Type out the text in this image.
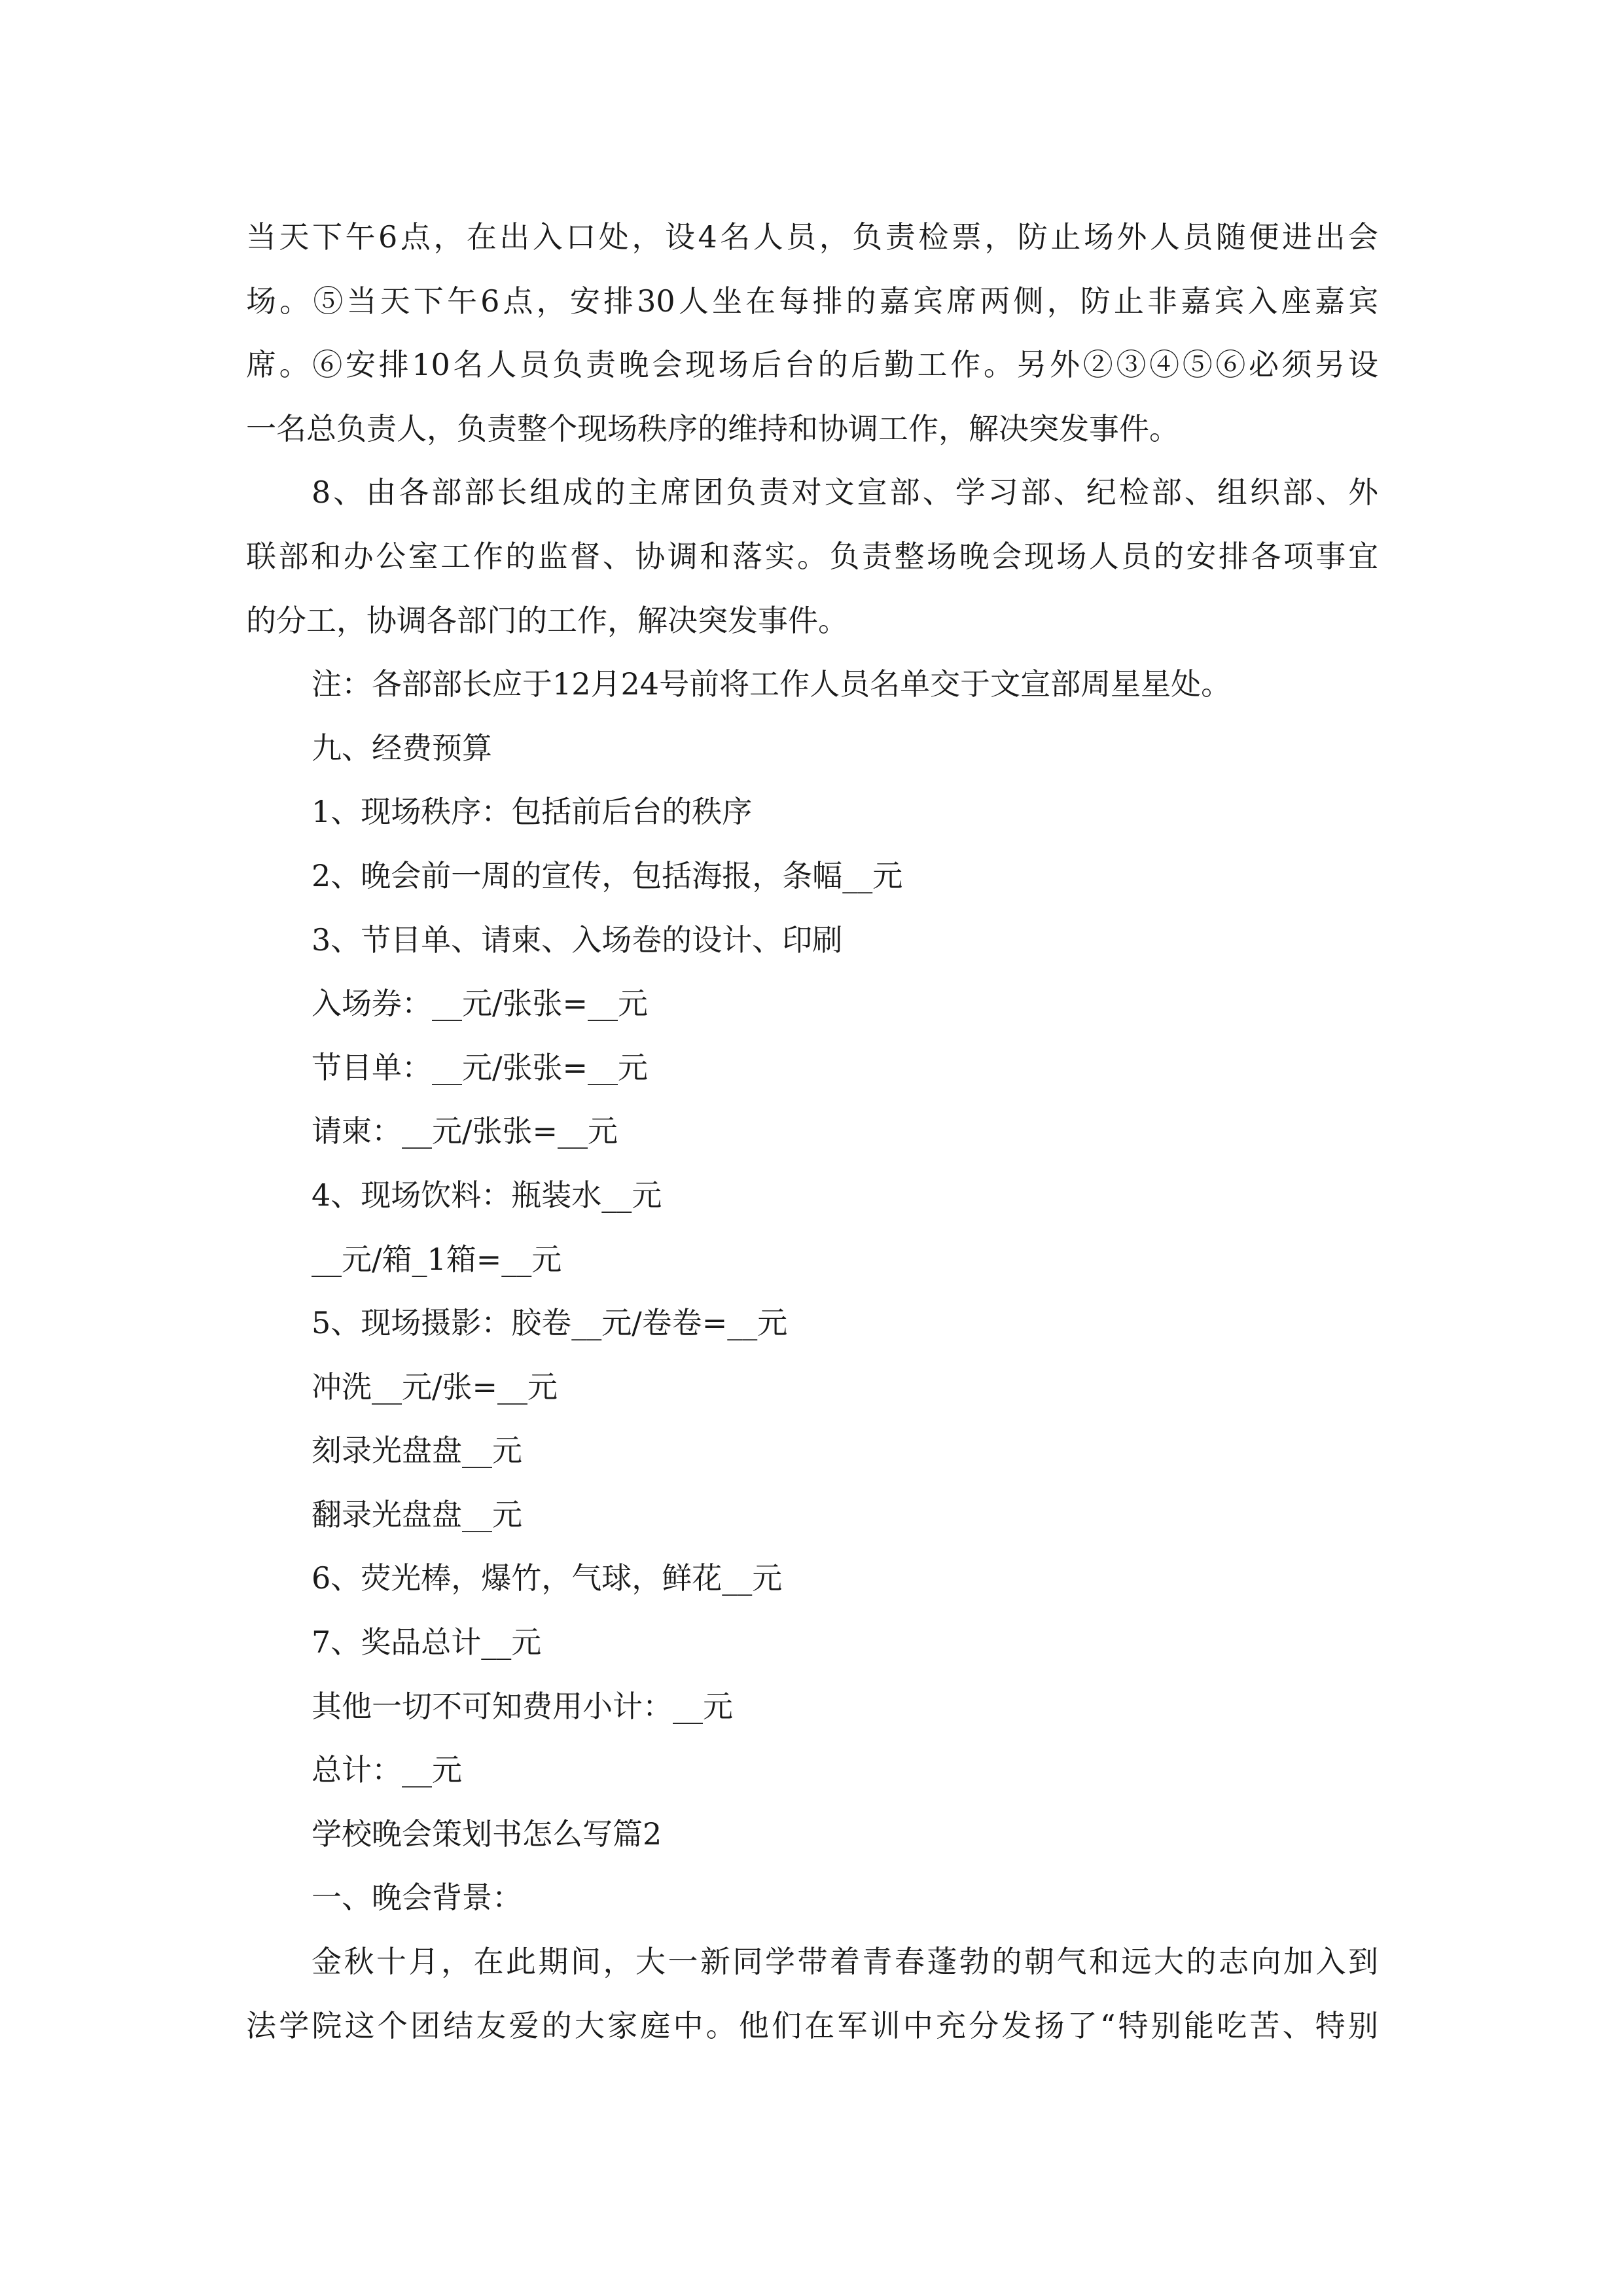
当天下午6点，在出入口处，设4名人员，负责检票，防止场外人员随便进出会
场。⑤当天下午6点，安排30人坐在每排的嘉宾席两侧，防止非嘉宾入座嘉宾
席。⑥安排10名人员负责晚会现场后台的后勤工作。另外②③④⑤⑥必须另设
一名总负责人，负责整个现场秩序的维持和协调工作，解决突发事件。
8、由各部部长组成的主席团负责对文宣部、学习部、纪检部、组织部、外
联部和办公室工作的监督、协调和落实。负责整场晚会现场人员的安排各项事宜
的分工，协调各部门的工作，解决突发事件。
注：各部部长应于12月24号前将工作人员名单交于文宣部周星星处。
九、经费预算
1、现场秩序：包括前后台的秩序
2、晚会前一周的宣传，包括海报，条幅__元
3、节目单、请柬、入场卷的设计、印刷
入场券：__元/张张=__元
节目单：__元/张张=__元
请柬：__元/张张=__元
4、现场饮料：瓶装水__元
__元/箱_1箱=__元
5、现场摄影：胶卷__元/卷卷=__元
冲洗__元/张=__元
刻录光盘盘__元
翻录光盘盘__元
6、荧光棒，爆竹，气球，鲜花__元
7、奖品总计__元
其他一切不可知费用小计：__元
总计：__元
学校晚会策划书怎么写篇2
一、晚会背景：
金秋十月，在此期间，大一新同学带着青春蓬勃的朝气和远大的志向加入到
法学院这个团结友爱的大家庭中。他们在军训中充分发扬了“特别能吃苦、特别
